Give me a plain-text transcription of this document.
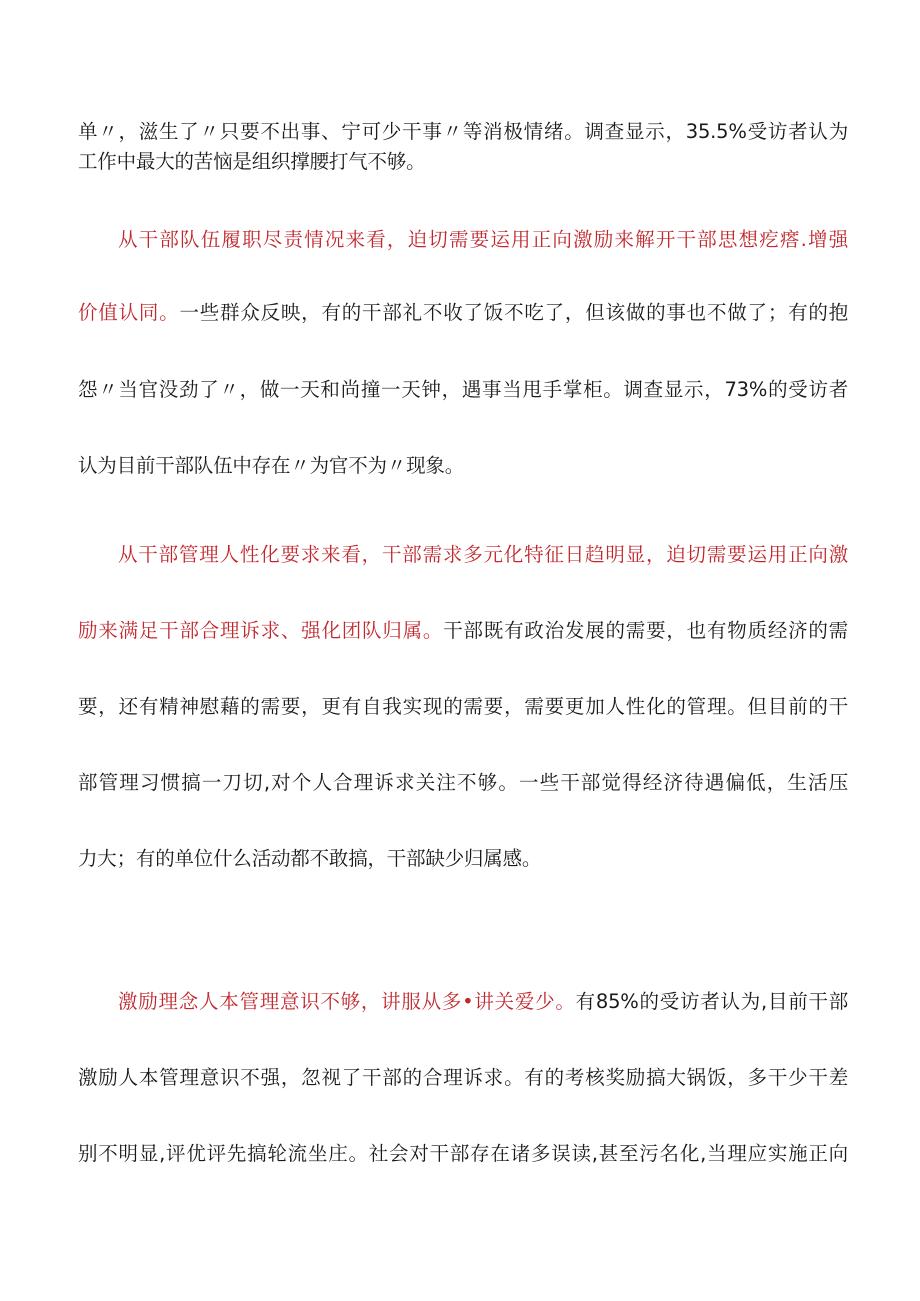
单〃，滋生了〃只要不出事、宁可少干事〃等消极情绪。调查显示，35.5%受访者认为
工作中最大的苦恼是组织撑腰打气不够。
从干部队伍履职尽责情况来看，迫切需要运用正向激励来解开干部思想疙瘩.增强
价值认同。一些群众反映，有的干部礼不收了饭不吃了，但该做的事也不做了；有的抱
怨〃当官没劲了〃，做一天和尚撞一天钟，遇事当甩手掌柜。调查显示，73%的受访者
认为目前干部队伍中存在〃为官不为〃现象。
从干部管理人性化要求来看，干部需求多元化特征日趋明显，迫切需要运用正向激
励来满足干部合理诉求、强化团队归属。干部既有政治发展的需要，也有物质经济的需
要，还有精神慰藉的需要，更有自我实现的需要，需要更加人性化的管理。但目前的干
部管理习惯搞一刀切,对个人合理诉求关注不够。一些干部觉得经济待遇偏低，生活压
力大；有的单位什么活动都不敢搞，干部缺少归属感。
激励理念人本管理意识不够，讲服从多•讲关爱少。有85%的受访者认为,目前干部
激励人本管理意识不强，忽视了干部的合理诉求。有的考核奖励搞大锅饭，多干少干差
别不明显,评优评先搞轮流坐庄。社会对干部存在诸多误读,甚至污名化,当理应实施正向
